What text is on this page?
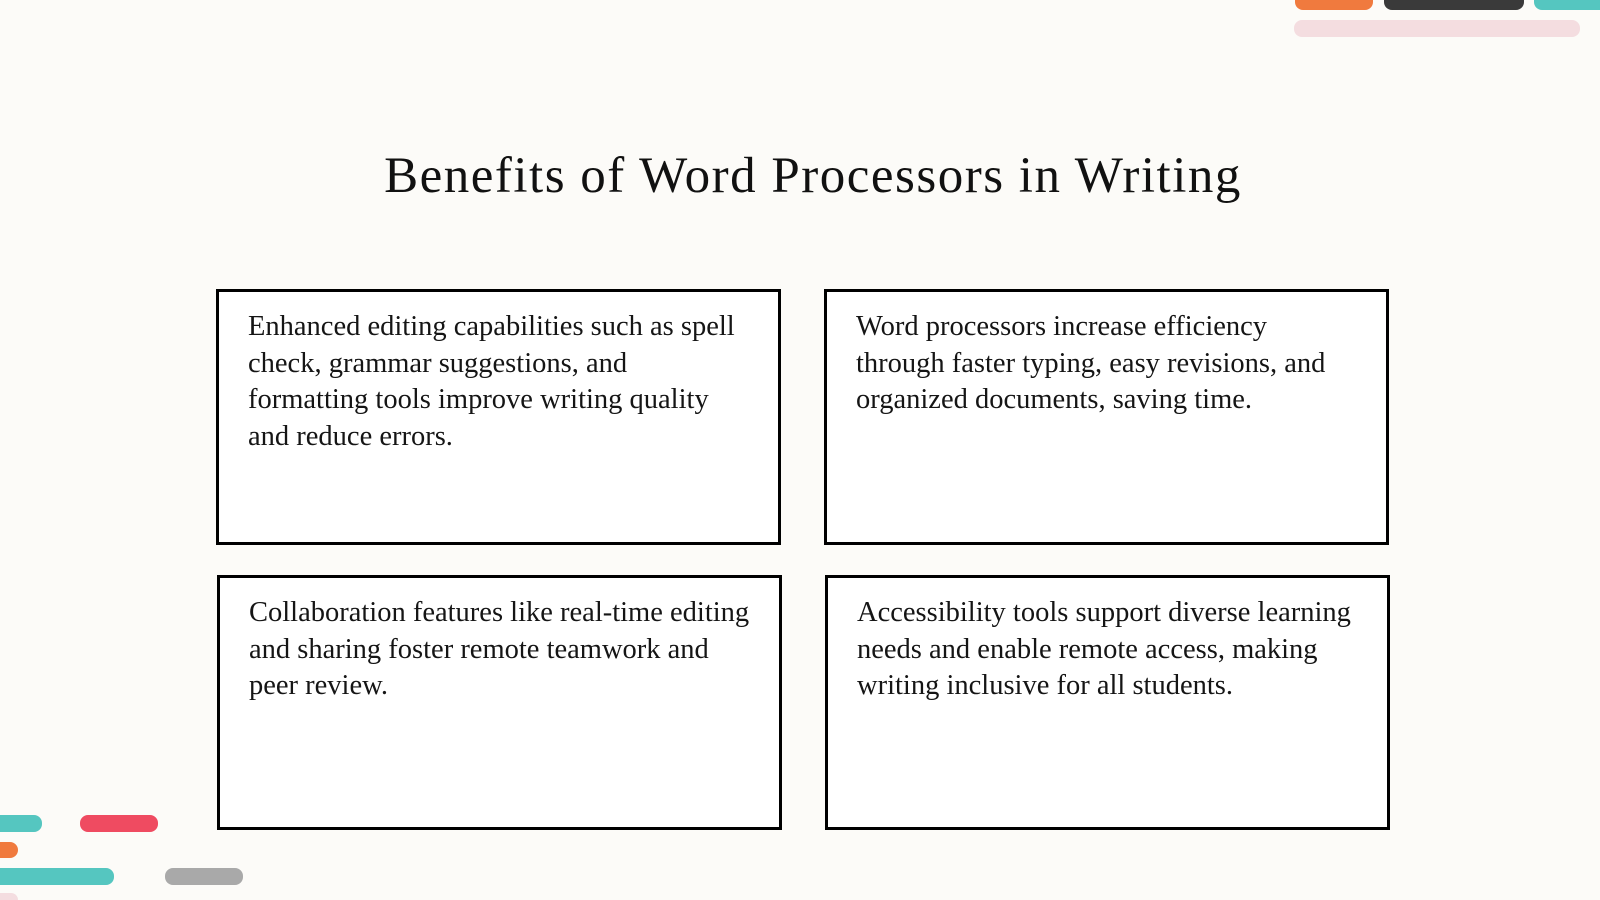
Benefits of Word Processors in Writing

Enhanced editing capabilities such as spell check, grammar suggestions, and formatting tools improve writing quality and reduce errors.

Word processors increase efficiency through faster typing, easy revisions, and organized documents, saving time.

Collaboration features like real-time editing and sharing foster remote teamwork and peer review.

Accessibility tools support diverse learning needs and enable remote access, making writing inclusive for all students.
